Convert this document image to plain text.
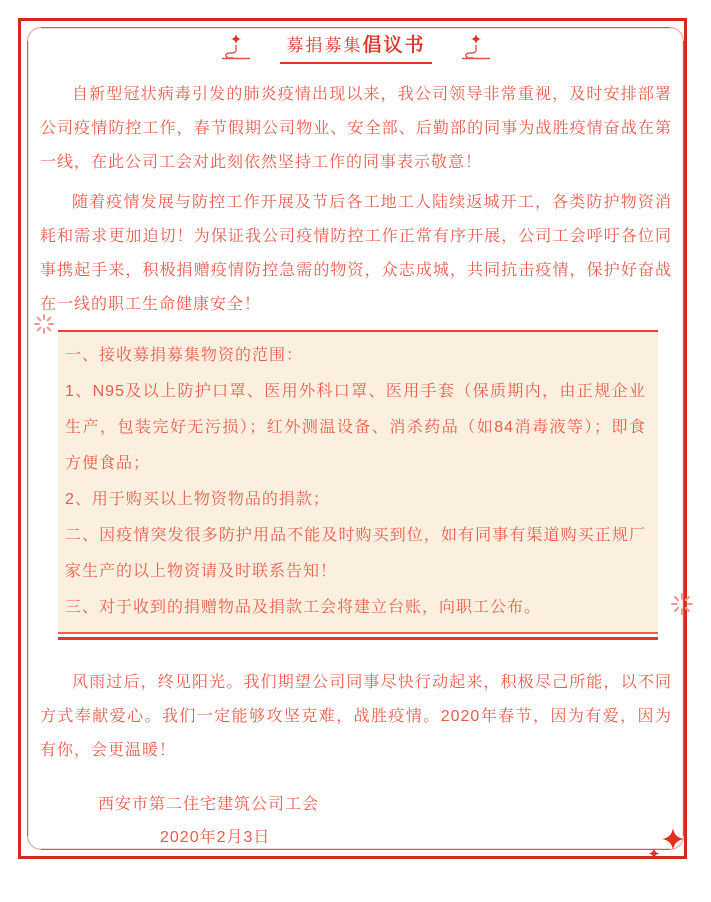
募捐募集倡议书

自新型冠状病毒引发的肺炎疫情出现以来，我公司领导非常重视，及时安排部署公司疫情防控工作，春节假期公司物业、安全部、后勤部的同事为战胜疫情奋战在第一线，在此公司工会对此刻依然坚持工作的同事表示敬意！

随着疫情发展与防控工作开展及节后各工地工人陆续返城开工，各类防护物资消耗和需求更加迫切！为保证我公司疫情防控工作正常有序开展，公司工会呼吁各位同事携起手来，积极捐赠疫情防控急需的物资，众志成城，共同抗击疫情，保护好奋战在一线的职工生命健康安全！

一、接收募捐募集物资的范围：

1、N95及以上防护口罩、医用外科口罩、医用手套（保质期内，由正规企业生产，包装完好无污损）；红外测温设备、消杀药品（如84消毒液等）；即食方便食品；

2、用于购买以上物资物品的捐款；

二、因疫情突发很多防护用品不能及时购买到位，如有同事有渠道购买正规厂家生产的以上物资请及时联系告知！

三、对于收到的捐赠物品及捐款工会将建立台账，向职工公布。

风雨过后，终见阳光。我们期望公司同事尽快行动起来，积极尽己所能，以不同方式奉献爱心。我们一定能够攻坚克难，战胜疫情。2020年春节，因为有爱，因为有你，会更温暖！

西安市第二住宅建筑公司工会

2020年2月3日
